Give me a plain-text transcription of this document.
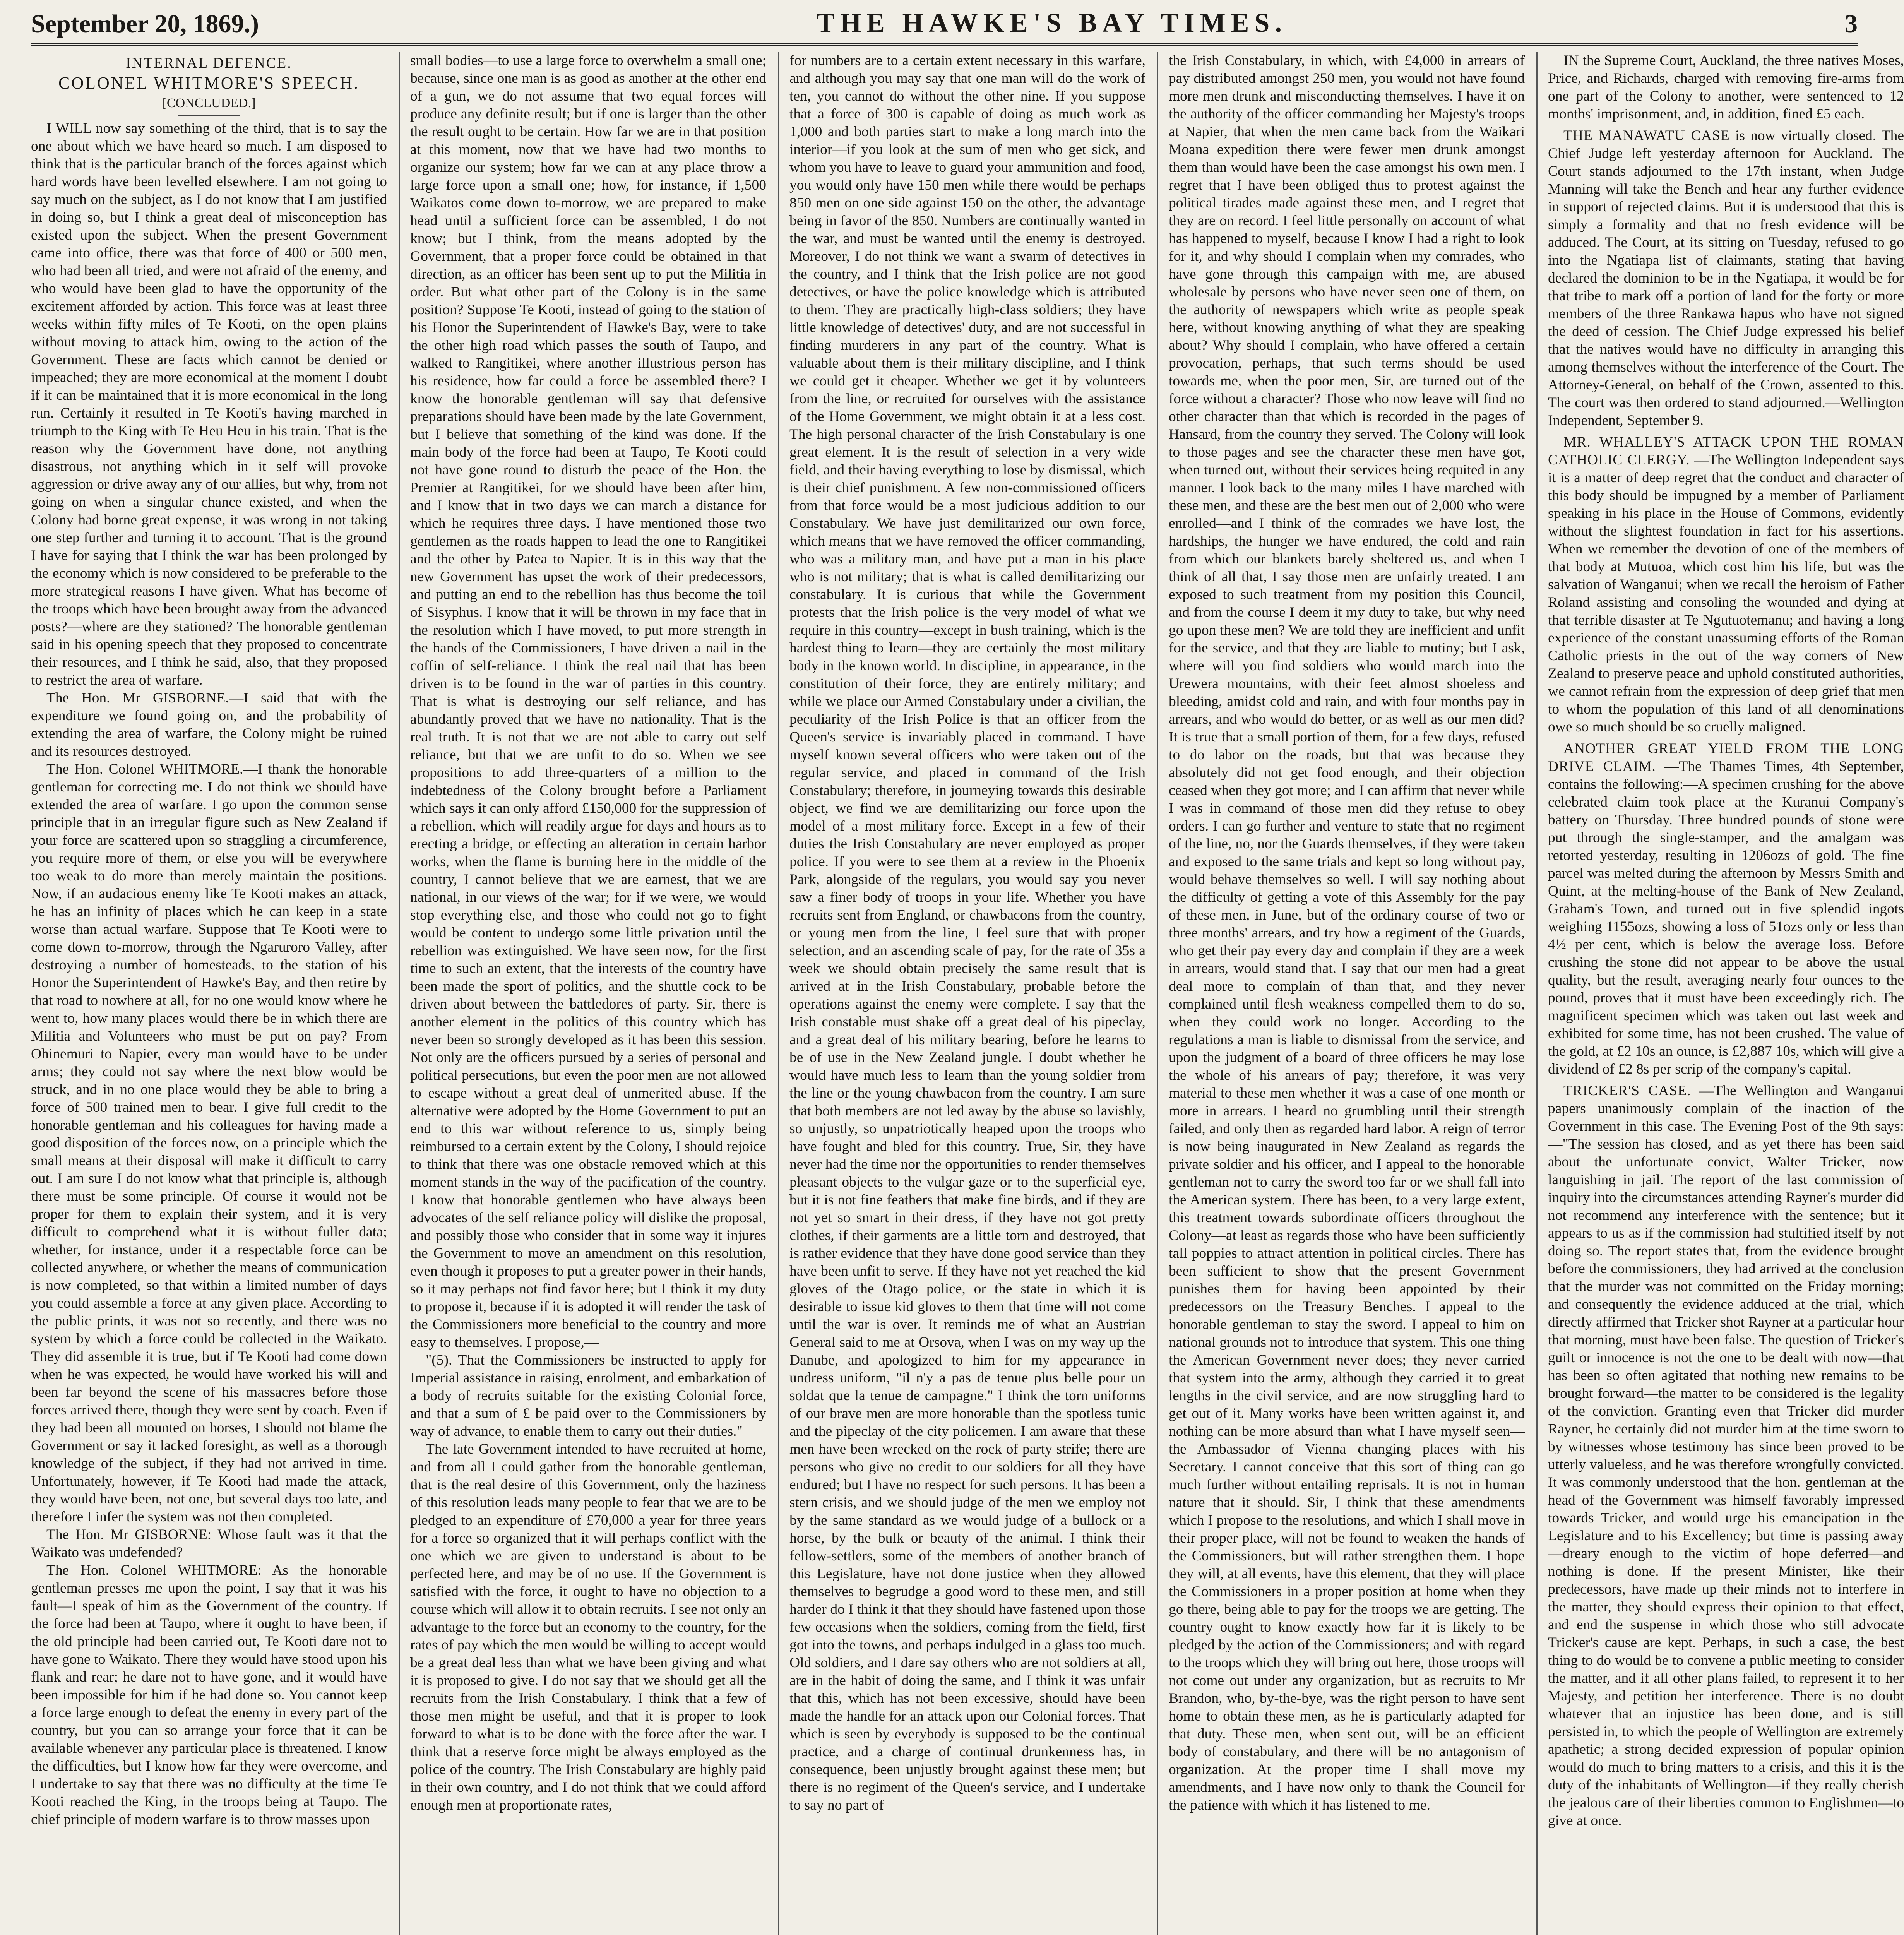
September 20, 1869.)	THE HAWKE'S BAY TIMES.	3
INTERNAL DEFENCE.
COLONEL WHITMORE'S SPEECH.
[CONCLUDED.]

I WILL now say something of the third, that is to say the one about which we have heard so much. I am disposed to think that is the particular branch of the forces against which hard words have been levelled elsewhere. I am not going to say much on the subject, as I do not know that I am justified in doing so, but I think a great deal of misconception has existed upon the subject. When the present Government came into office, there was that force of 400 or 500 men, who had been all tried, and were not afraid of the enemy, and who would have been glad to have the opportunity of the excitement afforded by action. This force was at least three weeks within fifty miles of Te Kooti, on the open plains without moving to attack him, owing to the action of the Government. These are facts which cannot be denied or impeached; they are more economical at the moment I doubt if it can be maintained that it is more economical in the long run. Certainly it resulted in Te Kooti's having marched in triumph to the King with Te Heu Heu in his train. That is the reason why the Government have done, not anything disastrous, not anything which in it self will provoke aggression or drive away any of our allies, but why, from not going on when a singular chance existed, and when the Colony had borne great expense, it was wrong in not taking one step further and turning it to account. That is the ground I have for saying that I think the war has been prolonged by the economy which is now considered to be preferable to the more strategical reasons I have given. What has become of the troops which have been brought away from the advanced posts?—where are they stationed? The honorable gentleman said in his opening speech that they proposed to concentrate their resources, and I think he said, also, that they proposed to restrict the area of warfare.

The Hon. Mr GISBORNE.—I said that with the expenditure we found going on, and the probability of extending the area of warfare, the Colony might be ruined and its resources destroyed.

The Hon. Colonel WHITMORE.—I thank the honorable gentleman for correcting me. I do not think we should have extended the area of warfare. I go upon the common sense principle that in an irregular figure such as New Zealand if your force are scattered upon so straggling a circumference, you require more of them, or else you will be everywhere too weak to do more than merely maintain the positions. Now, if an audacious enemy like Te Kooti makes an attack, he has an infinity of places which he can keep in a state worse than actual warfare. Suppose that Te Kooti were to come down to-morrow, through the Ngaruroro Valley, after destroying a number of homesteads, to the station of his Honor the Superintendent of Hawke's Bay, and then retire by that road to nowhere at all, for no one would know where he went to, how many places would there be in which there are Militia and Volunteers who must be put on pay? From Ohinemuri to Napier, every man would have to be under arms; they could not say where the next blow would be struck, and in no one place would they be able to bring a force of 500 trained men to bear. I give full credit to the honorable gentleman and his colleagues for having made a good disposition of the forces now, on a principle which the small means at their disposal will make it difficult to carry out. I am sure I do not know what that principle is, although there must be some principle. Of course it would not be proper for them to explain their system, and it is very difficult to comprehend what it is without fuller data; whether, for instance, under it a respectable force can be collected anywhere, or whether the means of communication is now completed, so that within a limited number of days you could assemble a force at any given place. According to the public prints, it was not so recently, and there was no system by which a force could be collected in the Waikato. They did assemble it is true, but if Te Kooti had come down when he was expected, he would have worked his will and been far beyond the scene of his massacres before those forces arrived there, though they were sent by coach. Even if they had been all mounted on horses, I should not blame the Government or say it lacked foresight, as well as a thorough knowledge of the subject, if they had not arrived in time. Unfortunately, however, if Te Kooti had made the attack, they would have been, not one, but several days too late, and therefore I infer the system was not then completed.

The Hon. Mr GISBORNE: Whose fault was it that the Waikato was undefended?

The Hon. Colonel WHITMORE: As the honorable gentleman presses me upon the point, I say that it was his fault—I speak of him as the Government of the country. If the force had been at Taupo, where it ought to have been, if the old principle had been carried out, Te Kooti dare not to have gone to Waikato. There they would have stood upon his flank and rear; he dare not to have gone, and it would have been impossible for him if he had done so. You cannot keep a force large enough to defeat the enemy in every part of the country, but you can so arrange your force that it can be available whenever any particular place is threatened. I know the difficulties, but I know how far they were overcome, and I undertake to say that there was no difficulty at the time Te Kooti reached the King, in the troops being at Taupo. The chief principle of modern warfare is to throw masses upon

small bodies—to use a large force to overwhelm a small one; because, since one man is as good as another at the other end of a gun, we do not assume that two equal forces will produce any definite result; but if one is larger than the other the result ought to be certain. How far we are in that position at this moment, now that we have had two months to organize our system; how far we can at any place throw a large force upon a small one; how, for instance, if 1,500 Waikatos come down to-morrow, we are prepared to make head until a sufficient force can be assembled, I do not know; but I think, from the means adopted by the Government, that a proper force could be obtained in that direction, as an officer has been sent up to put the Militia in order. But what other part of the Colony is in the same position? Suppose Te Kooti, instead of going to the station of his Honor the Superintendent of Hawke's Bay, were to take the other high road which passes the south of Taupo, and walked to Rangitikei, where another illustrious person has his residence, how far could a force be assembled there? I know the honorable gentleman will say that defensive preparations should have been made by the late Government, but I believe that something of the kind was done. If the main body of the force had been at Taupo, Te Kooti could not have gone round to disturb the peace of the Hon. the Premier at Rangitikei, for we should have been after him, and I know that in two days we can march a distance for which he requires three days. I have mentioned those two gentlemen as the roads happen to lead the one to Rangitikei and the other by Patea to Napier. It is in this way that the new Government has upset the work of their predecessors, and putting an end to the rebellion has thus become the toil of Sisyphus. I know that it will be thrown in my face that in the resolution which I have moved, to put more strength in the hands of the Commissioners, I have driven a nail in the coffin of self-reliance. I think the real nail that has been driven is to be found in the war of parties in this country. That is what is destroying our self reliance, and has abundantly proved that we have no nationality. That is the real truth. It is not that we are not able to carry out self reliance, but that we are unfit to do so. When we see propositions to add three-quarters of a million to the indebtedness of the Colony brought before a Parliament which says it can only afford £150,000 for the suppression of a rebellion, which will readily argue for days and hours as to erecting a bridge, or effecting an alteration in certain harbor works, when the flame is burning here in the middle of the country, I cannot believe that we are earnest, that we are national, in our views of the war; for if we were, we would stop everything else, and those who could not go to fight would be content to undergo some little privation until the rebellion was extinguished. We have seen now, for the first time to such an extent, that the interests of the country have been made the sport of politics, and the shuttle cock to be driven about between the battledores of party. Sir, there is another element in the politics of this country which has never been so strongly developed as it has been this session. Not only are the officers pursued by a series of personal and political persecutions, but even the poor men are not allowed to escape without a great deal of unmerited abuse. If the alternative were adopted by the Home Government to put an end to this war without reference to us, simply being reimbursed to a certain extent by the Colony, I should rejoice to think that there was one obstacle removed which at this moment stands in the way of the pacification of the country. I know that honorable gentlemen who have always been advocates of the self reliance policy will dislike the proposal, and possibly those who consider that in some way it injures the Government to move an amendment on this resolution, even though it proposes to put a greater power in their hands, so it may perhaps not find favor here; but I think it my duty to propose it, because if it is adopted it will render the task of the Commissioners more beneficial to the country and more easy to themselves. I propose,—

"(5). That the Commissioners be instructed to apply for Imperial assistance in raising, enrolment, and embarkation of a body of recruits suitable for the existing Colonial force, and that a sum of £ be paid over to the Commissioners by way of advance, to enable them to carry out their duties."

The late Government intended to have recruited at home, and from all I could gather from the honorable gentleman, that is the real desire of this Government, only the haziness of this resolution leads many people to fear that we are to be pledged to an expenditure of £70,000 a year for three years for a force so organized that it will perhaps conflict with the one which we are given to understand is about to be perfected here, and may be of no use. If the Government is satisfied with the force, it ought to have no objection to a course which will allow it to obtain recruits. I see not only an advantage to the force but an economy to the country, for the rates of pay which the men would be willing to accept would be a great deal less than what we have been giving and what it is proposed to give. I do not say that we should get all the recruits from the Irish Constabulary. I think that a few of those men might be useful, and that it is proper to look forward to what is to be done with the force after the war. I think that a reserve force might be always employed as the police of the country. The Irish Constabulary are highly paid in their own country, and I do not think that we could afford enough men at proportionate rates,

for numbers are to a certain extent necessary in this warfare, and although you may say that one man will do the work of ten, you cannot do without the other nine. If you suppose that a force of 300 is capable of doing as much work as 1,000 and both parties start to make a long march into the interior—if you look at the sum of men who get sick, and whom you have to leave to guard your ammunition and food, you would only have 150 men while there would be perhaps 850 men on one side against 150 on the other, the advantage being in favor of the 850. Numbers are continually wanted in the war, and must be wanted until the enemy is destroyed. Moreover, I do not think we want a swarm of detectives in the country, and I think that the Irish police are not good detectives, or have the police knowledge which is attributed to them. They are practically high-class soldiers; they have little knowledge of detectives' duty, and are not successful in finding murderers in any part of the country. What is valuable about them is their military discipline, and I think we could get it cheaper. Whether we get it by volunteers from the line, or recruited for ourselves with the assistance of the Home Government, we might obtain it at a less cost. The high personal character of the Irish Constabulary is one great element. It is the result of selection in a very wide field, and their having everything to lose by dismissal, which is their chief punishment. A few non-commissioned officers from that force would be a most judicious addition to our Constabulary. We have just demilitarized our own force, which means that we have removed the officer commanding, who was a military man, and have put a man in his place who is not military; that is what is called demilitarizing our constabulary. It is curious that while the Government protests that the Irish police is the very model of what we require in this country—except in bush training, which is the hardest thing to learn—they are certainly the most military body in the known world. In discipline, in appearance, in the constitution of their force, they are entirely military; and while we place our Armed Constabulary under a civilian, the peculiarity of the Irish Police is that an officer from the Queen's service is invariably placed in command. I have myself known several officers who were taken out of the regular service, and placed in command of the Irish Constabulary; therefore, in journeying towards this desirable object, we find we are demilitarizing our force upon the model of a most military force. Except in a few of their duties the Irish Constabulary are never employed as proper police. If you were to see them at a review in the Phoenix Park, alongside of the regulars, you would say you never saw a finer body of troops in your life. Whether you have recruits sent from England, or chawbacons from the country, or young men from the line, I feel sure that with proper selection, and an ascending scale of pay, for the rate of 35s a week we should obtain precisely the same result that is arrived at in the Irish Constabulary, probable before the operations against the enemy were complete. I say that the Irish constable must shake off a great deal of his pipeclay, and a great deal of his military bearing, before he learns to be of use in the New Zealand jungle. I doubt whether he would have much less to learn than the young soldier from the line or the young chawbacon from the country. I am sure that both members are not led away by the abuse so lavishly, so unjustly, so unpatriotically heaped upon the troops who have fought and bled for this country. True, Sir, they have never had the time nor the opportunities to render themselves pleasant objects to the vulgar gaze or to the superficial eye, but it is not fine feathers that make fine birds, and if they are not yet so smart in their dress, if they have not got pretty clothes, if their garments are a little torn and destroyed, that is rather evidence that they have done good service than they have been unfit to serve. If they have not yet reached the kid gloves of the Otago police, or the state in which it is desirable to issue kid gloves to them that time will not come until the war is over. It reminds me of what an Austrian General said to me at Orsova, when I was on my way up the Danube, and apologized to him for my appearance in undress uniform, "il n'y a pas de tenue plus belle pour un soldat que la tenue de campagne." I think the torn uniforms of our brave men are more honorable than the spotless tunic and the pipeclay of the city policemen. I am aware that these men have been wrecked on the rock of party strife; there are persons who give no credit to our soldiers for all they have endured; but I have no respect for such persons. It has been a stern crisis, and we should judge of the men we employ not by the same standard as we would judge of a bullock or a horse, by the bulk or beauty of the animal. I think their fellow-settlers, some of the members of another branch of this Legislature, have not done justice when they allowed themselves to begrudge a good word to these men, and still harder do I think it that they should have fastened upon those few occasions when the soldiers, coming from the field, first got into the towns, and perhaps indulged in a glass too much. Old soldiers, and I dare say others who are not soldiers at all, are in the habit of doing the same, and I think it was unfair that this, which has not been excessive, should have been made the handle for an attack upon our Colonial forces. That which is seen by everybody is supposed to be the continual practice, and a charge of continual drunkenness has, in consequence, been unjustly brought against these men; but there is no regiment of the Queen's service, and I undertake to say no part of

the Irish Constabulary, in which, with £4,000 in arrears of pay distributed amongst 250 men, you would not have found more men drunk and misconducting themselves. I have it on the authority of the officer commanding her Majesty's troops at Napier, that when the men came back from the Waikari Moana expedition there were fewer men drunk amongst them than would have been the case amongst his own men. I regret that I have been obliged thus to protest against the political tirades made against these men, and I regret that they are on record. I feel little personally on account of what has happened to myself, because I know I had a right to look for it, and why should I complain when my comrades, who have gone through this campaign with me, are abused wholesale by persons who have never seen one of them, on the authority of newspapers which write as people speak here, without knowing anything of what they are speaking about? Why should I complain, who have offered a certain provocation, perhaps, that such terms should be used towards me, when the poor men, Sir, are turned out of the force without a character? Those who now leave will find no other character than that which is recorded in the pages of Hansard, from the country they served. The Colony will look to those pages and see the character these men have got, when turned out, without their services being requited in any manner. I look back to the many miles I have marched with these men, and these are the best men out of 2,000 who were enrolled—and I think of the comrades we have lost, the hardships, the hunger we have endured, the cold and rain from which our blankets barely sheltered us, and when I think of all that, I say those men are unfairly treated. I am exposed to such treatment from my position this Council, and from the course I deem it my duty to take, but why need go upon these men? We are told they are inefficient and unfit for the service, and that they are liable to mutiny; but I ask, where will you find soldiers who would march into the Urewera mountains, with their feet almost shoeless and bleeding, amidst cold and rain, and with four months pay in arrears, and who would do better, or as well as our men did? It is true that a small portion of them, for a few days, refused to do labor on the roads, but that was because they absolutely did not get food enough, and their objection ceased when they got more; and I can affirm that never while I was in command of those men did they refuse to obey orders. I can go further and venture to state that no regiment of the line, no, nor the Guards themselves, if they were taken and exposed to the same trials and kept so long without pay, would behave themselves so well. I will say nothing about the difficulty of getting a vote of this Assembly for the pay of these men, in June, but of the ordinary course of two or three months' arrears, and try how a regiment of the Guards, who get their pay every day and complain if they are a week in arrears, would stand that. I say that our men had a great deal more to complain of than that, and they never complained until flesh weakness compelled them to do so, when they could work no longer. According to the regulations a man is liable to dismissal from the service, and upon the judgment of a board of three officers he may lose the whole of his arrears of pay; therefore, it was very material to these men whether it was a case of one month or more in arrears. I heard no grumbling until their strength failed, and only then as regarded hard labor. A reign of terror is now being inaugurated in New Zealand as regards the private soldier and his officer, and I appeal to the honorable gentleman not to carry the sword too far or we shall fall into the American system. There has been, to a very large extent, this treatment towards subordinate officers throughout the Colony—at least as regards those who have been sufficiently tall poppies to attract attention in political circles. There has been sufficient to show that the present Government punishes them for having been appointed by their predecessors on the Treasury Benches. I appeal to the honorable gentleman to stay the sword. I appeal to him on national grounds not to introduce that system. This one thing the American Government never does; they never carried that system into the army, although they carried it to great lengths in the civil service, and are now struggling hard to get out of it. Many works have been written against it, and nothing can be more absurd than what I have myself seen—the Ambassador of Vienna changing places with his Secretary. I cannot conceive that this sort of thing can go much further without entailing reprisals. It is not in human nature that it should. Sir, I think that these amendments which I propose to the resolutions, and which I shall move in their proper place, will not be found to weaken the hands of the Commissioners, but will rather strengthen them. I hope they will, at all events, have this element, that they will place the Commissioners in a proper position at home when they go there, being able to pay for the troops we are getting. The country ought to know exactly how far it is likely to be pledged by the action of the Commissioners; and with regard to the troops which they will bring out here, those troops will not come out under any organization, but as recruits to Mr Brandon, who, by-the-bye, was the right person to have sent home to obtain these men, as he is particularly adapted for that duty. These men, when sent out, will be an efficient body of constabulary, and there will be no antagonism of organization. At the proper time I shall move my amendments, and I have now only to thank the Council for the patience with which it has listened to me.

IN the Supreme Court, Auckland, the three natives Moses, Price, and Richards, charged with removing fire-arms from one part of the Colony to another, were sentenced to 12 months' imprisonment, and, in addition, fined £5 each.

THE MANAWATU CASE is now virtually closed. The Chief Judge left yesterday afternoon for Auckland. The Court stands adjourned to the 17th instant, when Judge Manning will take the Bench and hear any further evidence in support of rejected claims. But it is understood that this is simply a formality and that no fresh evidence will be adduced. The Court, at its sitting on Tuesday, refused to go into the Ngatiapa list of claimants, stating that having declared the dominion to be in the Ngatiapa, it would be for that tribe to mark off a portion of land for the forty or more members of the three Rankawa hapus who have not signed the deed of cession. The Chief Judge expressed his belief that the natives would have no difficulty in arranging this among themselves without the interference of the Court. The Attorney-General, on behalf of the Crown, assented to this. The court was then ordered to stand adjourned.—Wellington Independent, September 9.

MR. WHALLEY'S ATTACK UPON THE ROMAN CATHOLIC CLERGY. —The Wellington Independent says it is a matter of deep regret that the conduct and character of this body should be impugned by a member of Parliament speaking in his place in the House of Commons, evidently without the slightest foundation in fact for his assertions. When we remember the devotion of one of the members of that body at Mutuoa, which cost him his life, but was the salvation of Wanganui; when we recall the heroism of Father Roland assisting and consoling the wounded and dying at that terrible disaster at Te Ngutuotemanu; and having a long experience of the constant unassuming efforts of the Roman Catholic priests in the out of the way corners of New Zealand to preserve peace and uphold constituted authorities, we cannot refrain from the expression of deep grief that men to whom the population of this land of all denominations owe so much should be so cruelly maligned.

ANOTHER GREAT YIELD FROM THE LONG DRIVE CLAIM. —The Thames Times, 4th September, contains the following:—A specimen crushing for the above celebrated claim took place at the Kuranui Company's battery on Thursday. Three hundred pounds of stone were put through the single-stamper, and the amalgam was retorted yesterday, resulting in 1206ozs of gold. The fine parcel was melted during the afternoon by Messrs Smith and Quint, at the melting-house of the Bank of New Zealand, Graham's Town, and turned out in five splendid ingots weighing 1155ozs, showing a loss of 51ozs only or less than 4½ per cent, which is below the average loss. Before crushing the stone did not appear to be above the usual quality, but the result, averaging nearly four ounces to the pound, proves that it must have been exceedingly rich. The magnificent specimen which was taken out last week and exhibited for some time, has not been crushed. The value of the gold, at £2 10s an ounce, is £2,887 10s, which will give a dividend of £2 8s per scrip of the company's capital.

TRICKER'S CASE. —The Wellington and Wanganui papers unanimously complain of the inaction of the Government in this case. The Evening Post of the 9th says:—"The session has closed, and as yet there has been said about the unfortunate convict, Walter Tricker, now languishing in jail. The report of the last commission of inquiry into the circumstances attending Rayner's murder did not recommend any interference with the sentence; but it appears to us as if the commission had stultified itself by not doing so. The report states that, from the evidence brought before the commissioners, they had arrived at the conclusion that the murder was not committed on the Friday morning; and consequently the evidence adduced at the trial, which directly affirmed that Tricker shot Rayner at a particular hour that morning, must have been false. The question of Tricker's guilt or innocence is not the one to be dealt with now—that has been so often agitated that nothing new remains to be brought forward—the matter to be considered is the legality of the conviction. Granting even that Tricker did murder Rayner, he certainly did not murder him at the time sworn to by witnesses whose testimony has since been proved to be utterly valueless, and he was therefore wrongfully convicted. It was commonly understood that the hon. gentleman at the head of the Government was himself favorably impressed towards Tricker, and would urge his emancipation in the Legislature and to his Excellency; but time is passing away—dreary enough to the victim of hope deferred—and nothing is done. If the present Minister, like their predecessors, have made up their minds not to interfere in the matter, they should express their opinion to that effect, and end the suspense in which those who still advocate Tricker's cause are kept. Perhaps, in such a case, the best thing to do would be to convene a public meeting to consider the matter, and if all other plans failed, to represent it to her Majesty, and petition her interference. There is no doubt whatever that an injustice has been done, and is still persisted in, to which the people of Wellington are extremely apathetic; a strong decided expression of popular opinion would do much to bring matters to a crisis, and this it is the duty of the inhabitants of Wellington—if they really cherish the jealous care of their liberties common to Englishmen—to give at once.
